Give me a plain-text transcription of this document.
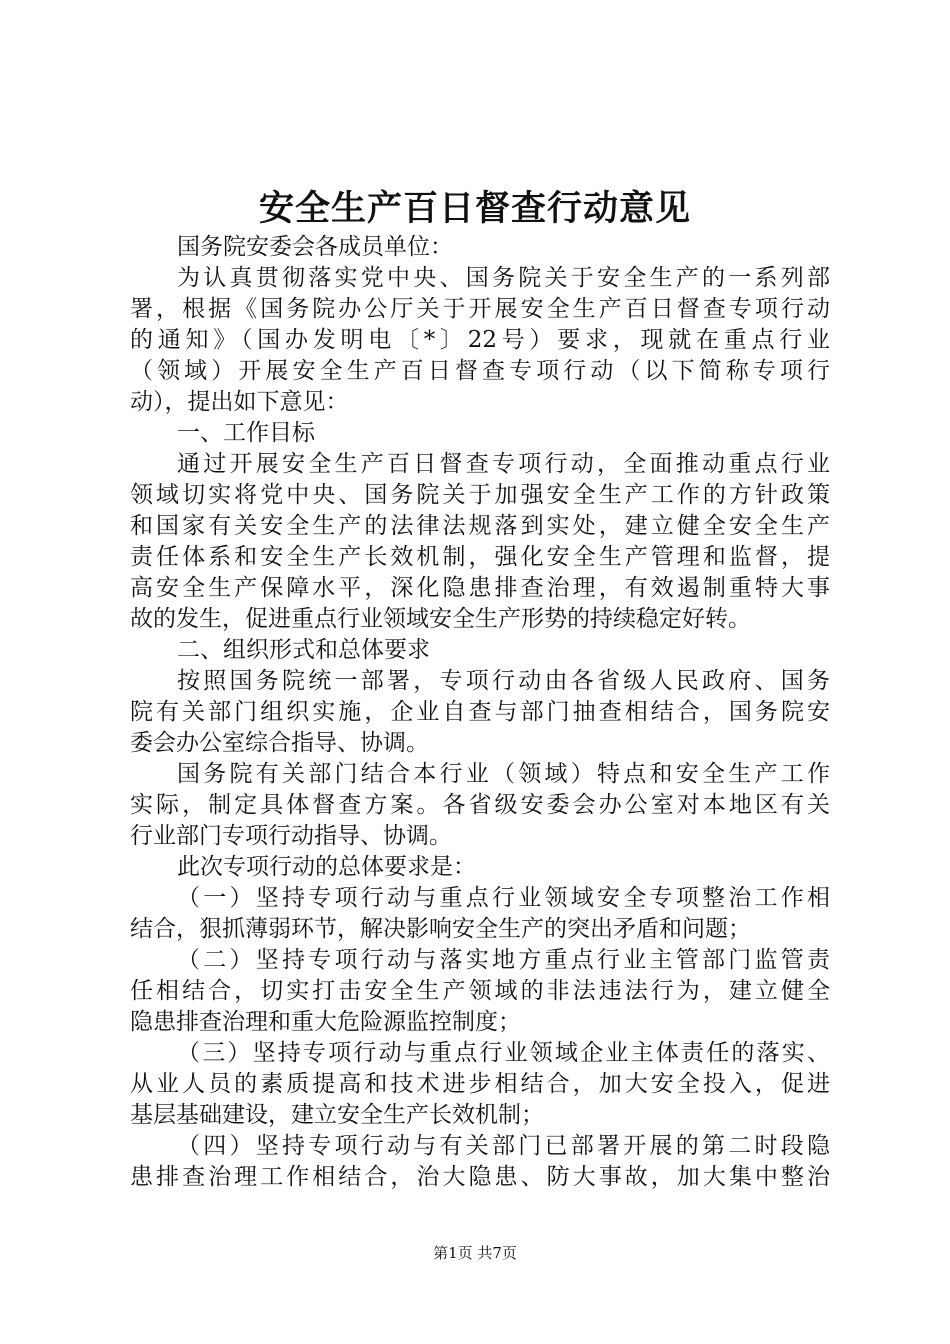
安全生产百日督查行动意见
国务院安委会各成员单位：
为认真贯彻落实党中央、国务院关于安全生产的一系列部
署，根据《国务院办公厅关于开展安全生产百日督查专项行动
的通知》（国办发明电〔*〕22号）要求，现就在重点行业
（领域）开展安全生产百日督查专项行动（以下简称专项行
动），提出如下意见：
一、工作目标
通过开展安全生产百日督查专项行动，全面推动重点行业
领域切实将党中央、国务院关于加强安全生产工作的方针政策
和国家有关安全生产的法律法规落到实处，建立健全安全生产
责任体系和安全生产长效机制，强化安全生产管理和监督，提
高安全生产保障水平，深化隐患排查治理，有效遏制重特大事
故的发生，促进重点行业领域安全生产形势的持续稳定好转。
二、组织形式和总体要求
按照国务院统一部署，专项行动由各省级人民政府、国务
院有关部门组织实施，企业自查与部门抽查相结合，国务院安
委会办公室综合指导、协调。
国务院有关部门结合本行业（领域）特点和安全生产工作
实际，制定具体督查方案。各省级安委会办公室对本地区有关
行业部门专项行动指导、协调。
此次专项行动的总体要求是：
（一）坚持专项行动与重点行业领域安全专项整治工作相
结合，狠抓薄弱环节，解决影响安全生产的突出矛盾和问题；
（二）坚持专项行动与落实地方重点行业主管部门监管责
任相结合，切实打击安全生产领域的非法违法行为，建立健全
隐患排查治理和重大危险源监控制度；
（三）坚持专项行动与重点行业领域企业主体责任的落实、
从业人员的素质提高和技术进步相结合，加大安全投入，促进
基层基础建设，建立安全生产长效机制；
（四）坚持专项行动与有关部门已部署开展的第二时段隐
患排查治理工作相结合，治大隐患、防大事故，加大集中整治
第1页 共7页
